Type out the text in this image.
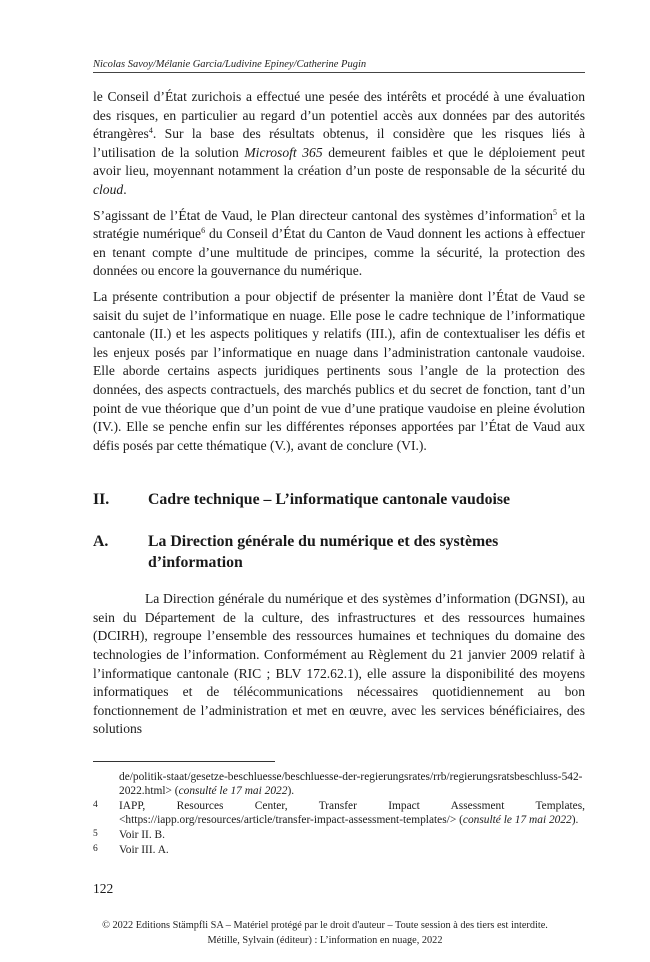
Nicolas Savoy/Mélanie Garcia/Ludivine Epiney/Catherine Pugin

le Conseil d’État zurichois a effectué une pesée des intérêts et procédé à une évaluation des risques, en particulier au regard d’un potentiel accès aux données par des autorités étrangères$^4$. Sur la base des résultats obtenus, il considère que les risques liés à l’utilisation de la solution Microsoft 365 demeurent faibles et que le déploiement peut avoir lieu, moyennant notamment la création d’un poste de responsable de la sécurité du cloud.

S’agissant de l’État de Vaud, le Plan directeur cantonal des systèmes d’information$^5$ et la stratégie numérique$^6$ du Conseil d’État du Canton de Vaud donnent les actions à effectuer en tenant compte d’une multitude de principes, comme la sécurité, la protection des données ou encore la gouvernance du numérique.

La présente contribution a pour objectif de présenter la manière dont l’État de Vaud se saisit du sujet de l’informatique en nuage. Elle pose le cadre technique de l’informatique cantonale (II.) et les aspects politiques y relatifs (III.), afin de contextualiser les défis et les enjeux posés par l’informatique en nuage dans l’administration cantonale vaudoise. Elle aborde certains aspects juridiques pertinents sous l’angle de la protection des données, des aspects contractuels, des marchés publics et du secret de fonction, tant d’un point de vue théorique que d’un point de vue d’une pratique vaudoise en pleine évolution (IV.). Elle se penche enfin sur les différentes réponses apportées par l’État de Vaud aux défis posés par cette thématique (V.), avant de conclure (VI.).

II.	Cadre technique – L’informatique cantonale vaudoise
A.	La Direction générale du numérique et des systèmes d’information

La Direction générale du numérique et des systèmes d’information (DGNSI), au sein du Département de la culture, des infrastructures et des ressources humaines (DCIRH), regroupe l’ensemble des ressources humaines et techniques du domaine des technologies de l’information. Conformément au Règlement du 21 janvier 2009 relatif à l’informatique cantonale (RIC ; BLV 172.62.1), elle assure la disponibilité des moyens informatiques et de télécommunications nécessaires quotidiennement au bon fonctionnement de l’administration et met en œuvre, avec les services bénéficiaires, des solutions

de/politik-staat/gesetze-beschluesse/beschluesse-der-regierungsrates/rrb/regierungsratsbeschluss-542-2022.html> (consulté le 17 mai 2022).
4	IAPP, Resources Center, Transfer Impact Assessment Templates, <https://iapp.org/resources/article/transfer-impact-assessment-templates/> (consulté le 17 mai 2022).
5	Voir II. B.
6	Voir III. A.
122
© 2022 Editions Stämpfli SA – Matériel protégé par le droit d'auteur – Toute session à des tiers est interdite.
Métille, Sylvain (éditeur) : L’information en nuage, 2022
